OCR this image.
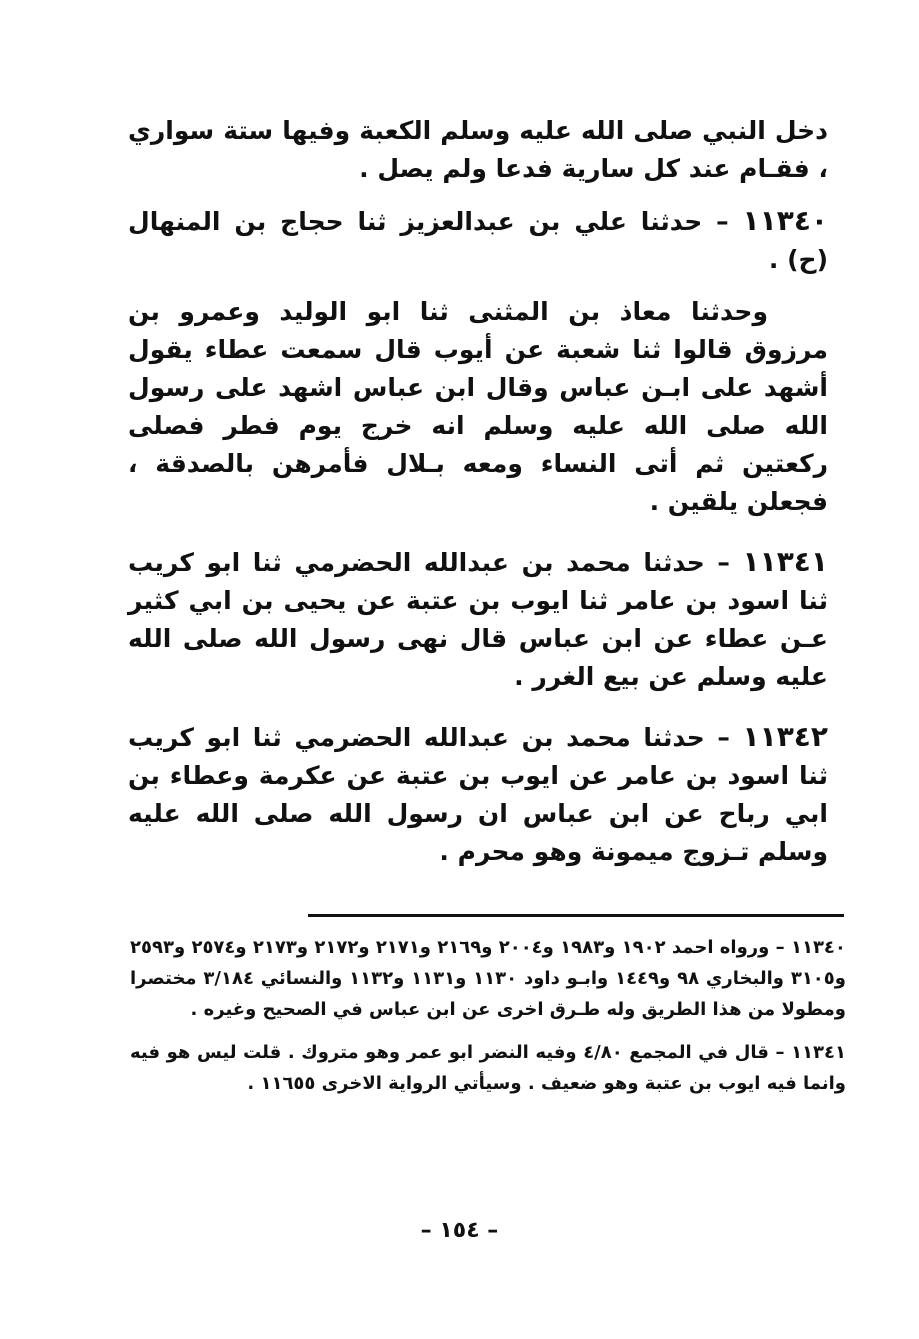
دخل النبي صلى الله عليه وسلم الكعبة وفيها ستة سواري ، فقـام عند كل سارية فدعا ولم يصل .

١١٣٤٠ – حدثنا علي بن عبدالعزيز ثنا حجاج بن المنهال (ح) .

وحدثنا معاذ بن المثنى ثنا ابو الوليد وعمرو بن مرزوق قالوا ثنا شعبة عن أيوب قال سمعت عطاء يقول أشهد على ابـن عباس وقال ابن عباس اشهد على رسول الله صلى الله عليه وسلم انه خرج يوم فطر فصلى ركعتين ثم أتى النساء ومعه بـلال فأمرهن بالصدقة ، فجعلن يلقين .

١١٣٤١ – حدثنا محمد بن عبدالله الحضرمي ثنا ابو كريب ثنا اسود بن عامر ثنا ايوب بن عتبة عن يحيى بن ابي كثير عـن عطاء عن ابن عباس قال نهى رسول الله صلى الله عليه وسلم عن بيع الغرر .

١١٣٤٢ – حدثنا محمد بن عبدالله الحضرمي ثنا ابو كريب ثنا اسود بن عامر عن ايوب بن عتبة عن عكرمة وعطاء بن ابي رباح عن ابن عباس ان رسول الله صلى الله عليه وسلم تـزوج ميمونة وهو محرم .

١١٣٤٠ – ورواه احمد ١٩٠٢ و١٩٨٣ و٢٠٠٤ و٢١٦٩ و٢١٧١ و٢١٧٢ و٢١٧٣ و٢٥٧٤ و٢٥٩٣ و٣١٠٥ والبخاري ٩٨ و١٤٤٩ وابـو داود ١١٣٠ و١١٣١ و١١٣٢ والنسائي ٣/١٨٤ مختصرا ومطولا من هذا الطريق وله طـرق اخرى عن ابن عباس في الصحيح وغيره .

١١٣٤١ – قال في المجمع ٤/٨٠ وفيه النضر ابو عمر وهو متروك . قلت ليس هو فيه وانما فيه ايوب بن عتبة وهو ضعيف . وسيأتي الرواية الاخرى ١١٦٥٥ .

– ١٥٤ –
